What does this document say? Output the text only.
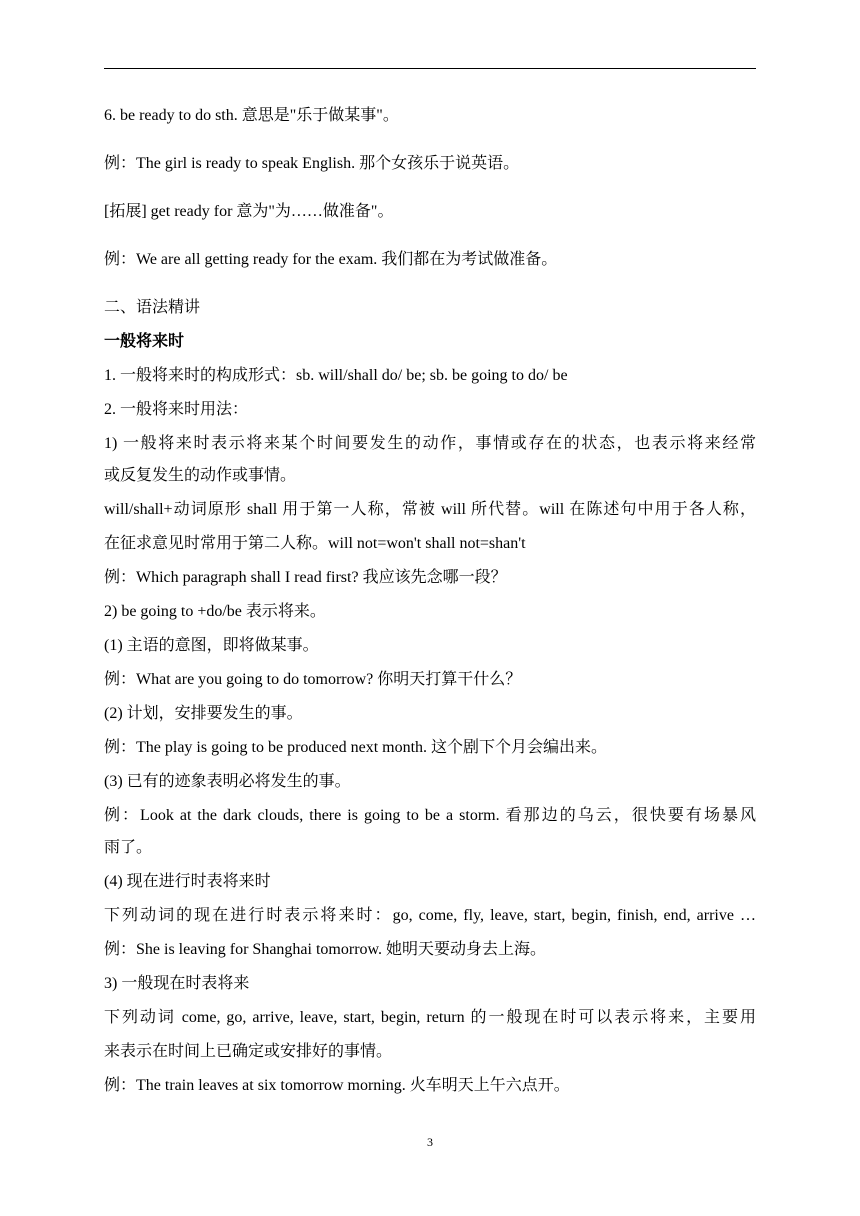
6. be ready to do sth. 意思是"乐于做某事"。
例：The girl is ready to speak English. 那个女孩乐于说英语。
[拓展] get ready for 意为"为……做准备"。
例：We are all getting ready for the exam. 我们都在为考试做准备。
二、语法精讲
一般将来时
1. 一般将来时的构成形式：sb. will/shall do/ be; sb. be going to do/ be
2. 一般将来时用法：
1) 一般将来时表示将来某个时间要发生的动作，事情或存在的状态，也表示将来经常
或反复发生的动作或事情。
will/shall+动词原形 shall 用于第一人称，常被 will 所代替。will 在陈述句中用于各人称，
在征求意见时常用于第二人称。will not=won't shall not=shan't
例：Which paragraph shall I read first? 我应该先念哪一段？
2) be going to +do/be 表示将来。
(1) 主语的意图，即将做某事。
例：What are you going to do tomorrow? 你明天打算干什么？
(2) 计划，安排要发生的事。
例：The play is going to be produced next month. 这个剧下个月会编出来。
(3) 已有的迹象表明必将发生的事。
例：Look at the dark clouds, there is going to be a storm. 看那边的乌云，很快要有场暴风
雨了。
(4) 现在进行时表将来时
下列动词的现在进行时表示将来时：go, come, fly, leave, start, begin, finish, end, arrive …
例：She is leaving for Shanghai tomorrow. 她明天要动身去上海。
3) 一般现在时表将来
下列动词 come, go, arrive, leave, start, begin, return 的一般现在时可以表示将来，主要用
来表示在时间上已确定或安排好的事情。
例：The train leaves at six tomorrow morning. 火车明天上午六点开。
3
